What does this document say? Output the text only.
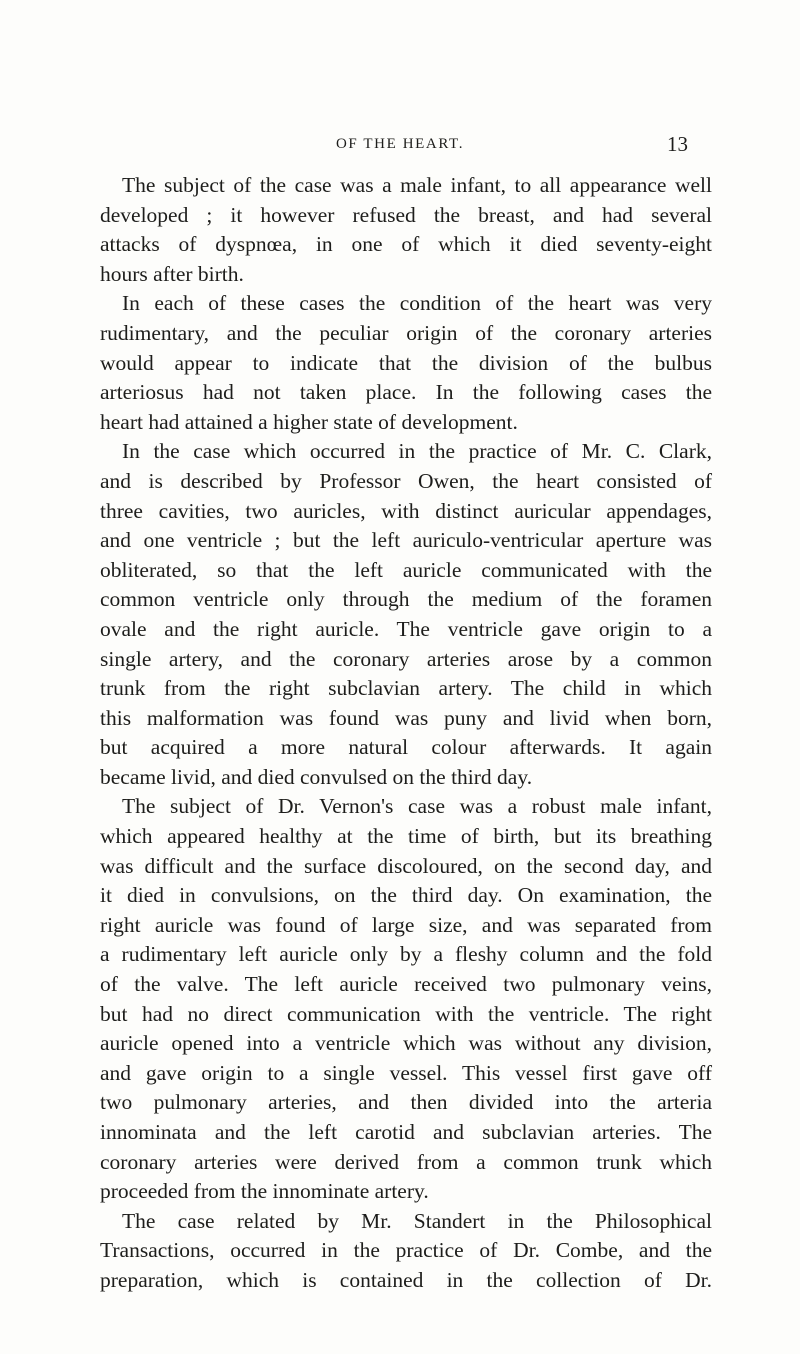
OF THE HEART.	13
The subject of the case was a male infant, to all appearance well
developed ; it however refused the breast, and had several
attacks of dyspnœa, in one of which it died seventy-eight
hours after birth.
In each of these cases the condition of the heart was very
rudimentary, and the peculiar origin of the coronary arteries
would appear to indicate that the division of the bulbus
arteriosus had not taken place. In the following cases the
heart had attained a higher state of development.
In the case which occurred in the practice of Mr. C. Clark,
and is described by Professor Owen, the heart consisted of
three cavities, two auricles, with distinct auricular appendages,
and one ventricle ; but the left auriculo-ventricular aperture was
obliterated, so that the left auricle communicated with the
common ventricle only through the medium of the foramen
ovale and the right auricle. The ventricle gave origin to a
single artery, and the coronary arteries arose by a common
trunk from the right subclavian artery. The child in which
this malformation was found was puny and livid when born,
but acquired a more natural colour afterwards. It again
became livid, and died convulsed on the third day.
The subject of Dr. Vernon's case was a robust male infant,
which appeared healthy at the time of birth, but its breathing
was difficult and the surface discoloured, on the second day, and
it died in convulsions, on the third day. On examination, the
right auricle was found of large size, and was separated from
a rudimentary left auricle only by a fleshy column and the fold
of the valve. The left auricle received two pulmonary veins,
but had no direct communication with the ventricle. The right
auricle opened into a ventricle which was without any division,
and gave origin to a single vessel. This vessel first gave off
two pulmonary arteries, and then divided into the arteria
innominata and the left carotid and subclavian arteries. The
coronary arteries were derived from a common trunk which
proceeded from the innominate artery.
The case related by Mr. Standert in the Philosophical
Transactions, occurred in the practice of Dr. Combe, and the
preparation, which is contained in the collection of Dr.
